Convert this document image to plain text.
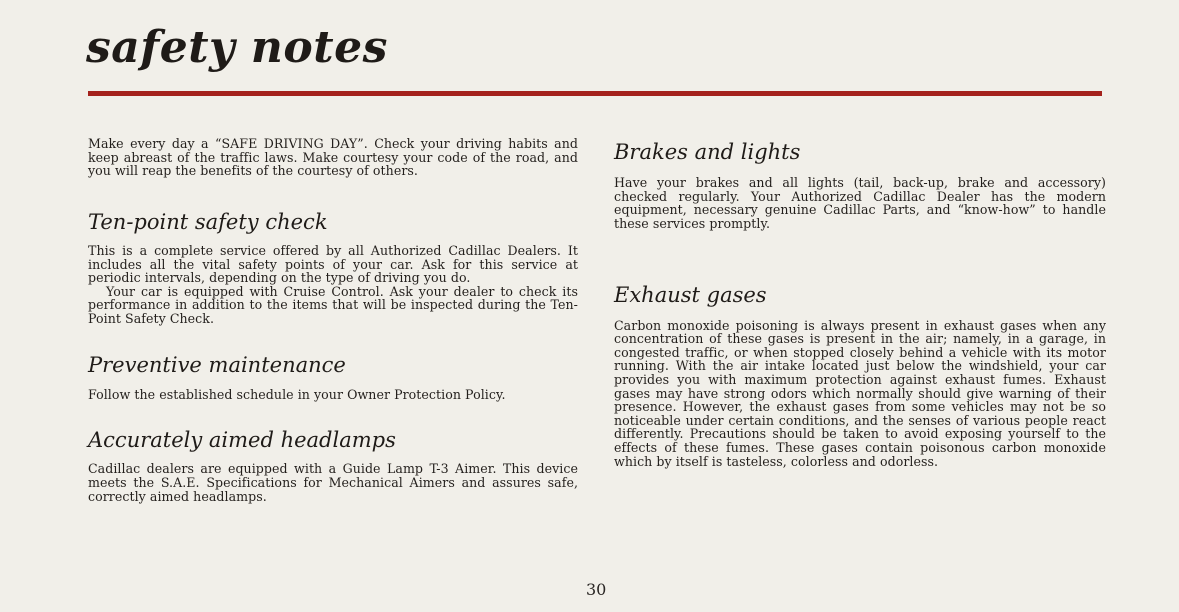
safety notes

Make every day a “SAFE DRIVING DAY”. Check your driving habits and keep abreast of the traffic laws. Make courtesy your code of the road, and you will reap the benefits of the courtesy of others.

Ten-point safety check

This is a complete service offered by all Authorized Cadillac Dealers. It includes all the vital safety points of your car. Ask for this service at periodic intervals, depending on the type of driving you do.

Your car is equipped with Cruise Control. Ask your dealer to check its performance in addition to the items that will be inspected during the Ten-Point Safety Check.

Preventive maintenance

Follow the established schedule in your Owner Protection Policy.

Accurately aimed headlamps

Cadillac dealers are equipped with a Guide Lamp T-3 Aimer. This device meets the S.A.E. Specifications for Mechanical Aimers and assures safe, correctly aimed headlamps.

Brakes and lights

Have your brakes and all lights (tail, back-up, brake and accessory) checked regularly. Your Authorized Cadillac Dealer has the modern equipment, necessary genuine Cadillac Parts, and “know-how” to handle these services promptly.

Exhaust gases

Carbon monoxide poisoning is always present in exhaust gases when any concentration of these gases is present in the air; namely, in a garage, in congested traffic, or when stopped closely behind a vehicle with its motor running. With the air intake located just below the windshield, your car provides you with maximum protection against exhaust fumes. Exhaust gases may have strong odors which normally should give warning of their presence. However, the exhaust gases from some vehicles may not be so noticeable under certain conditions, and the senses of various people react differently. Precautions should be taken to avoid exposing yourself to the effects of these fumes. These gases contain poisonous carbon monoxide which by itself is tasteless, colorless and odorless.

30
